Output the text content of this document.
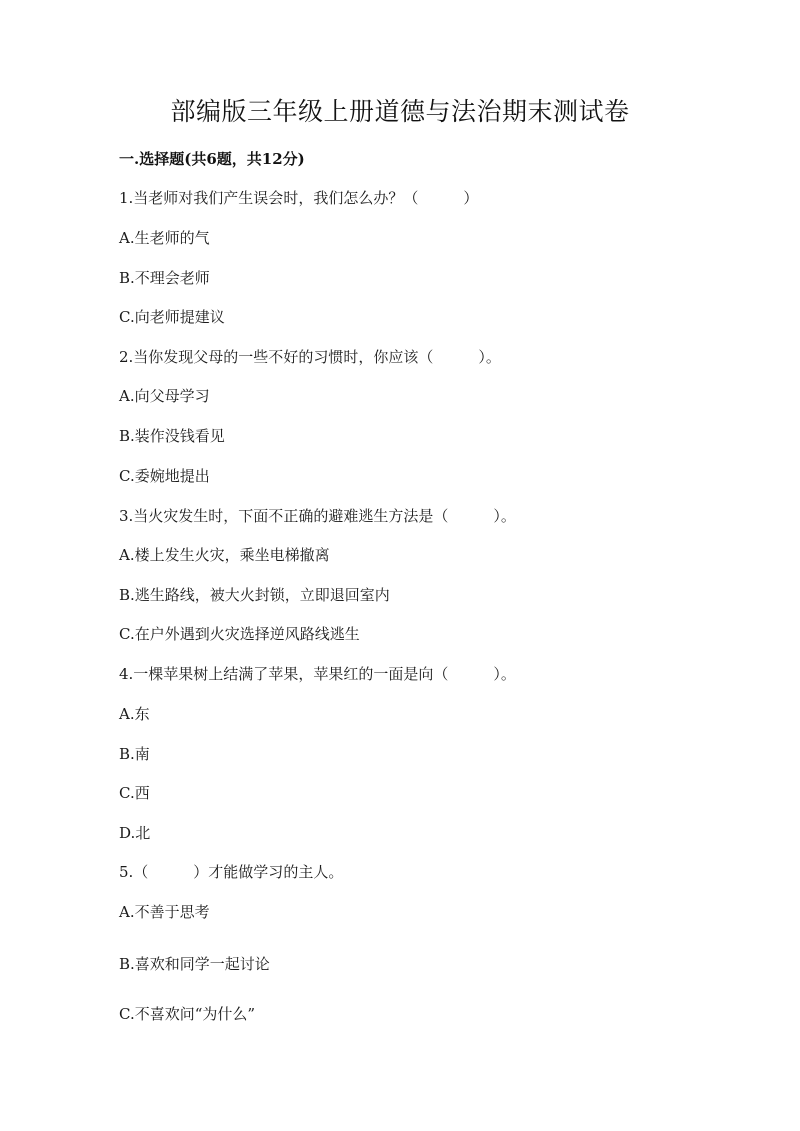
部编版三年级上册道德与法治期末测试卷
一.选择题(共6题，共12分)
1.当老师对我们产生误会时，我们怎么办？（　　　）
A.生老师的气
B.不理会老师
C.向老师提建议
2.当你发现父母的一些不好的习惯时，你应该（　　　）。
A.向父母学习
B.装作没钱看见
C.委婉地提出
3.当火灾发生时，下面不正确的避难逃生方法是（　　　）。
A.楼上发生火灾，乘坐电梯撤离
B.逃生路线，被大火封锁，立即退回室内
C.在户外遇到火灾选择逆风路线逃生
4.一棵苹果树上结满了苹果，苹果红的一面是向（　　　）。
A.东
B.南
C.西
D.北
5.（　　　）才能做学习的主人。
A.不善于思考
B.喜欢和同学一起讨论
C.不喜欢问“为什么”
